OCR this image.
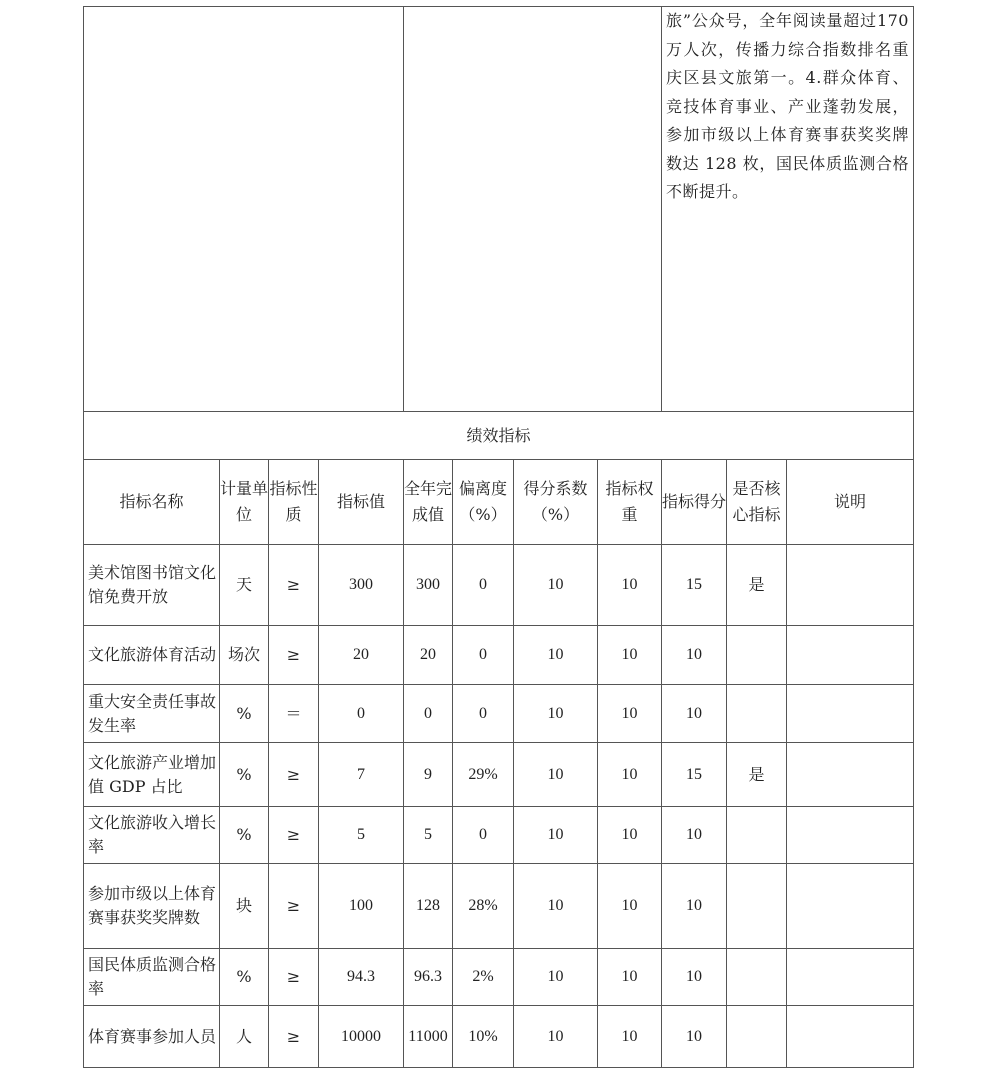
								旅”公众号，全年阅读量超过170 万人次，传播力综合指数排名重庆区县文旅第一。4.群众体育、竞技体育事业、产业蓬勃发展，参加市级以上体育赛事获奖奖牌数达 128 枚，国民体质监测合格不断提升。		

绩效指标										
指标名称	计量单位	指标性质	指标值	全年完成值	偏离度（%）	得分系数（%）	指标权重	指标得分	是否核心指标	说明
美术馆图书馆文化馆免费开放	天	≥	300	300	0	10	10	15	是	
文化旅游体育活动	场次	≥	20	20	0	10	10	10		
重大安全责任事故发生率	%	＝	0	0	0	10	10	10		
文化旅游产业增加值 GDP 占比	%	≥	7	9	29%	10	10	15	是	
文化旅游收入增长率	%	≥	5	5	0	10	10	10		
参加市级以上体育赛事获奖奖牌数	块	≥	100	128	28%	10	10	10		
国民体质监测合格率	%	≥	94.3	96.3	2%	10	10	10		
体育赛事参加人员	人	≥	10000	11000	10%	10	10	10		
